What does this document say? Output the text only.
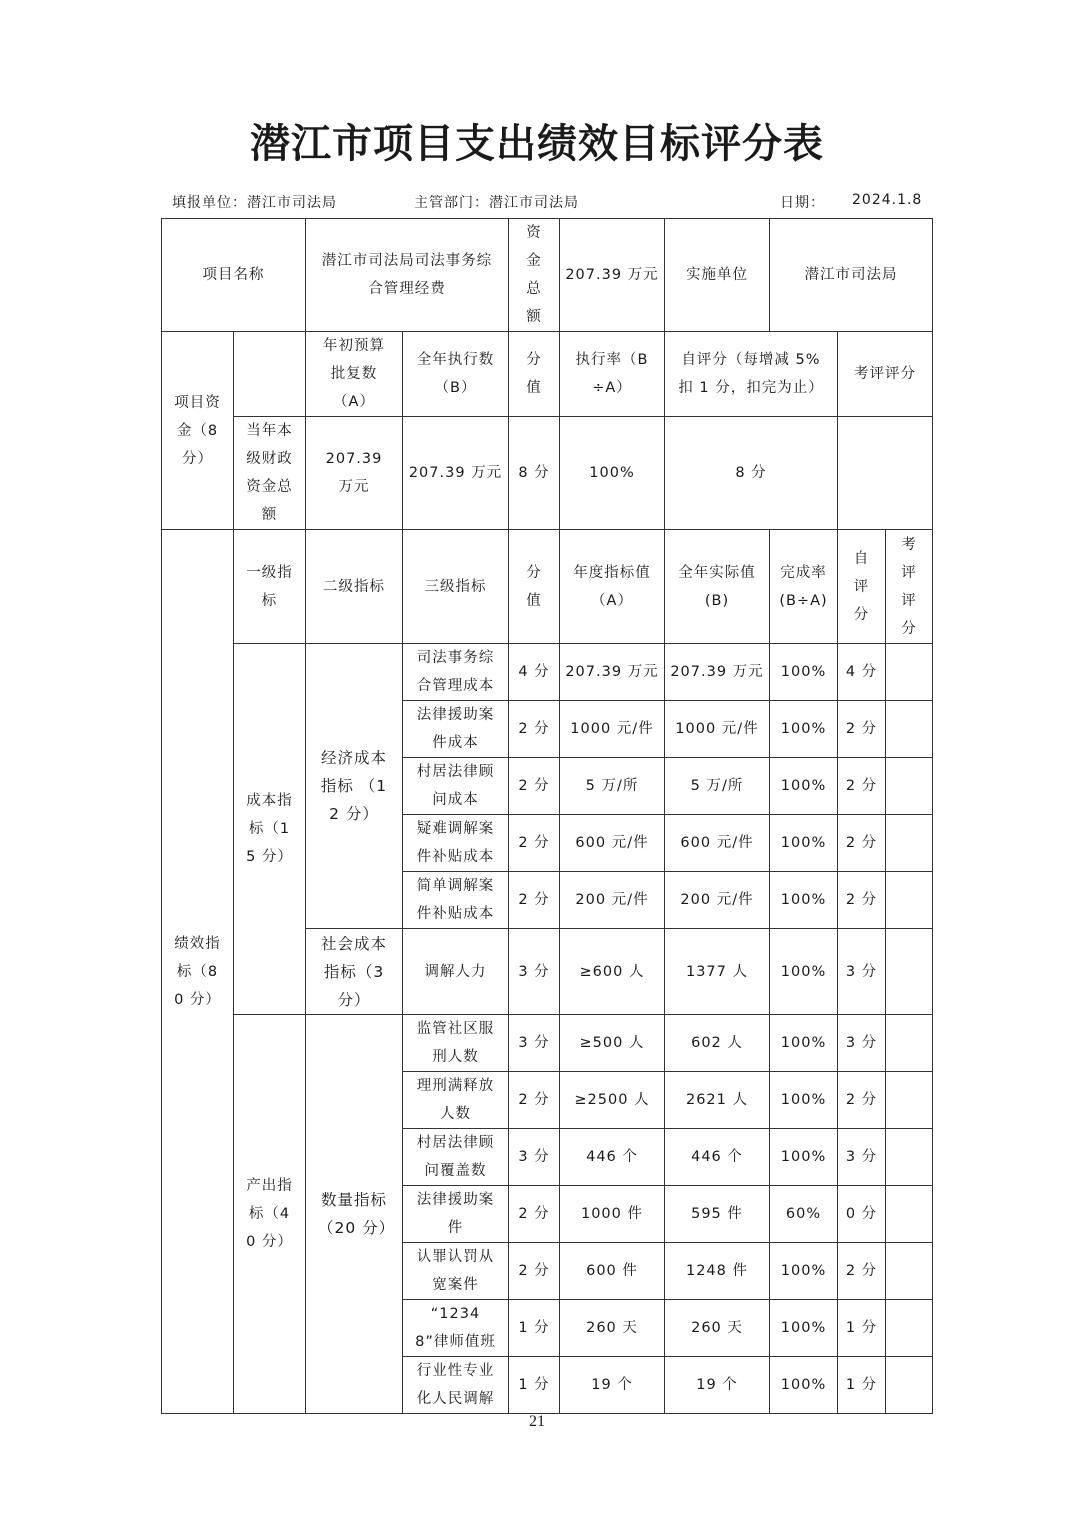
潜江市项目支出绩效目标评分表
填报单位：潜江市司法局	主管部门：潜江市司法局	日期： 2024.1.8
项目名称		潜江市司法局司法事务综合管理经费		资金总额	207.39 万元	实施单位	潜江市司法局		
项目资金（8 分）		年初预算批复数（A）	全年执行数（B）	分值	执行率（B÷A）	自评分（每增减 5%扣 1 分，扣完为止）		考评评分	
	当年本级财政资金总额	207.39 万元	207.39 万元	8 分	100%	8 分			
绩效指标（80 分）	一级指标	二级指标	三级指标	分值	年度指标值（A）	全年实际值(B)	完成率(B÷A)	自评分	考评评分
	成本指标（15 分）	经济成本指标 （12 分）	司法事务综合管理成本	4 分	207.39 万元	207.39 万元	100%	4 分	
			法律援助案件成本	2 分	1000 元/件	1000 元/件	100%	2 分	
			村居法律顾问成本	2 分	5 万/所	5 万/所	100%	2 分	
			疑难调解案件补贴成本	2 分	600 元/件	600 元/件	100%	2 分	
			简单调解案件补贴成本	2 分	200 元/件	200 元/件	100%	2 分	
		社会成本指标（3 分）	调解人力	3 分	≥600 人	1377 人	100%	3 分	
	产出指标（40 分）	数量指标（20 分）	监管社区服刑人数	3 分	≥500 人	602 人	100%	3 分	
			理刑满释放人数	2 分	≥2500 人	2621 人	100%	2 分	
			村居法律顾问覆盖数	3 分	446 个	446 个	100%	3 分	
			法律援助案件	2 分	1000 件	595 件	60%	0 分	
			认罪认罚从宽案件	2 分	600 件	1248 件	100%	2 分	
			“12348”律师值班	1 分	260 天	260 天	100%	1 分	
			行业性专业化人民调解	1 分	19 个	19 个	100%	1 分	
21
